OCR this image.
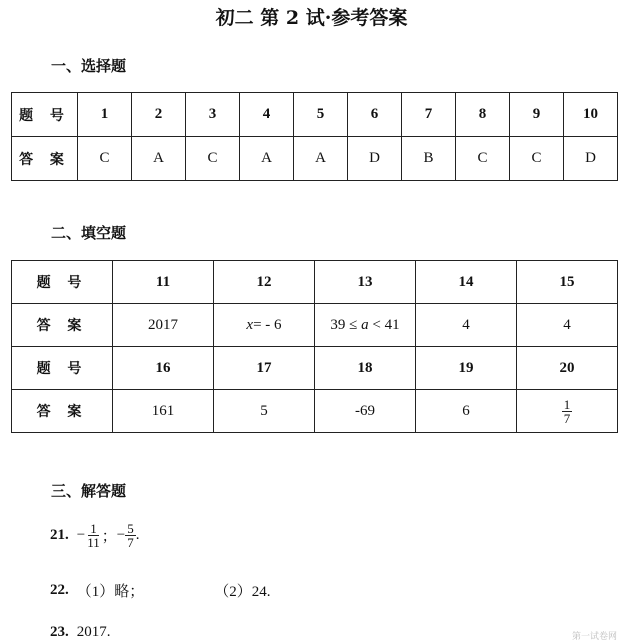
初二 第 2 试·参考答案
一、选择题
题 号	1	2	3	4	5	6	7	8	9	10
答 案	C	A	C	A	A	D	B	C	C	D
二、填空题
题 号	11	12	13	14	15
答 案	2017	x= - 6	39 ≤ a < 41	4	4
题 号	16	17	18	19	20
答 案	161	5	-69	6	$\frac{1}{7}$
三、解答题
21. − $\frac{1}{11}$ ； − $\frac{5}{7}$ .
22. （1）略；	（2）24.
23. 2017.	第一试卷网
